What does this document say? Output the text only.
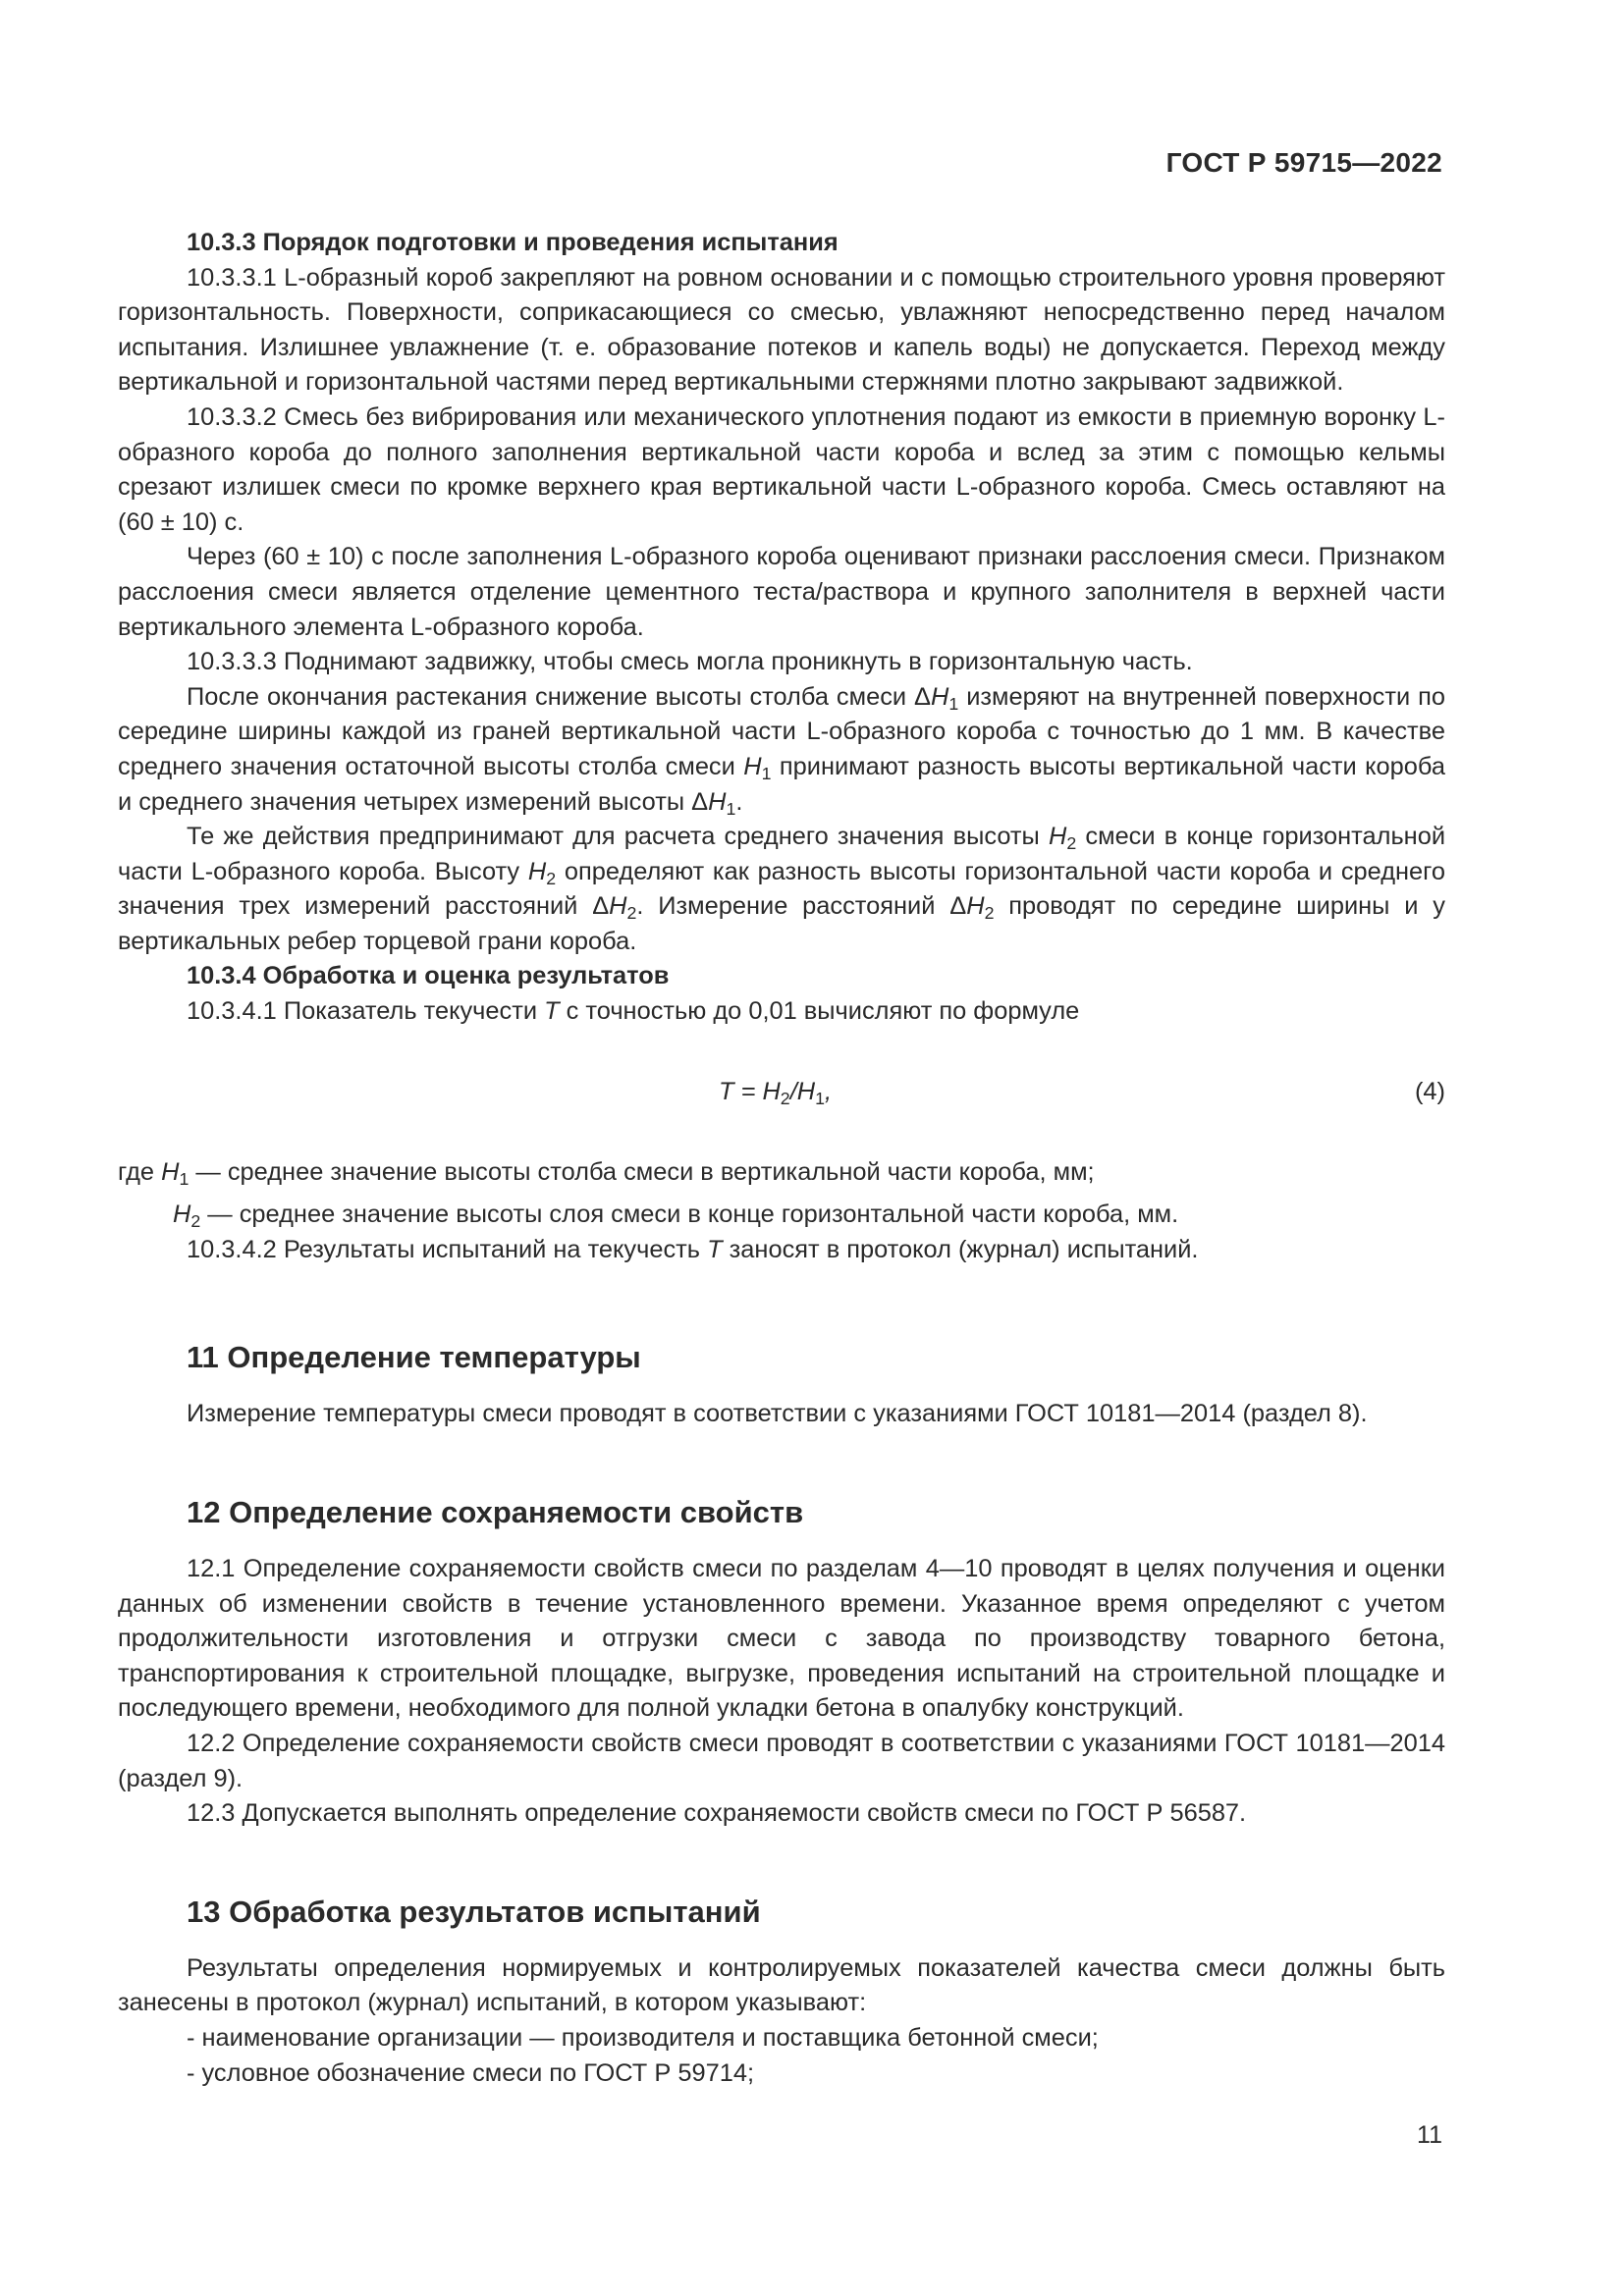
ГОСТ Р 59715—2022

10.3.3 Порядок подготовки и проведения испытания

10.3.3.1 L-образный короб закрепляют на ровном основании и с помощью строительного уровня проверяют горизонтальность. Поверхности, соприкасающиеся со смесью, увлажняют непосредственно перед началом испытания. Излишнее увлажнение (т. е. образование потеков и капель воды) не допускается. Переход между вертикальной и горизонтальной частями перед вертикальными стержнями плотно закрывают задвижкой.

10.3.3.2 Смесь без вибрирования или механического уплотнения подают из емкости в приемную воронку L-образного короба до полного заполнения вертикальной части короба и вслед за этим с помощью кельмы срезают излишек смеси по кромке верхнего края вертикальной части L-образного короба. Смесь оставляют на (60 ± 10) с.

Через (60 ± 10) с после заполнения L-образного короба оценивают признаки расслоения смеси. Признаком расслоения смеси является отделение цементного теста/раствора и крупного заполнителя в верхней части вертикального элемента L-образного короба.

10.3.3.3 Поднимают задвижку, чтобы смесь могла проникнуть в горизонтальную часть.

После окончания растекания снижение высоты столба смеси $\Delta H_1$ измеряют на внутренней поверхности по середине ширины каждой из граней вертикальной части L-образного короба с точностью до 1 мм. В качестве среднего значения остаточной высоты столба смеси $H_1$ принимают разность высоты вертикальной части короба и среднего значения четырех измерений высоты $\Delta H_1$.

Те же действия предпринимают для расчета среднего значения высоты $H_2$ смеси в конце горизонтальной части L-образного короба. Высоту $H_2$ определяют как разность высоты горизонтальной части короба и среднего значения трех измерений расстояний $\Delta H_2$. Измерение расстояний $\Delta H_2$ проводят по середине ширины и у вертикальных ребер торцевой грани короба.

10.3.4 Обработка и оценка результатов

10.3.4.1 Показатель текучести T с точностью до 0,01 вычисляют по формуле

$T = H_2/H_1$,	(4)
где $H_1$ — среднее значение высоты столба смеси в вертикальной части короба, мм;
$H_2$ — среднее значение высоты слоя смеси в конце горизонтальной части короба, мм.

10.3.4.2 Результаты испытаний на текучесть T заносят в протокол (журнал) испытаний.

11 Определение температуры

Измерение температуры смеси проводят в соответствии с указаниями ГОСТ 10181—2014 (раздел 8).

12 Определение сохраняемости свойств

12.1 Определение сохраняемости свойств смеси по разделам 4—10 проводят в целях получения и оценки данных об изменении свойств в течение установленного времени. Указанное время определяют с учетом продолжительности изготовления и отгрузки смеси с завода по производству товарного бетона, транспортирования к строительной площадке, выгрузке, проведения испытаний на строительной площадке и последующего времени, необходимого для полной укладки бетона в опалубку конструкций.

12.2 Определение сохраняемости свойств смеси проводят в соответствии с указаниями ГОСТ 10181—2014 (раздел 9).

12.3 Допускается выполнять определение сохраняемости свойств смеси по ГОСТ Р 56587.

13 Обработка результатов испытаний

Результаты определения нормируемых и контролируемых показателей качества смеси должны быть занесены в протокол (журнал) испытаний, в котором указывают:

- наименование организации — производителя и поставщика бетонной смеси;

- условное обозначение смеси по ГОСТ Р 59714;

11
